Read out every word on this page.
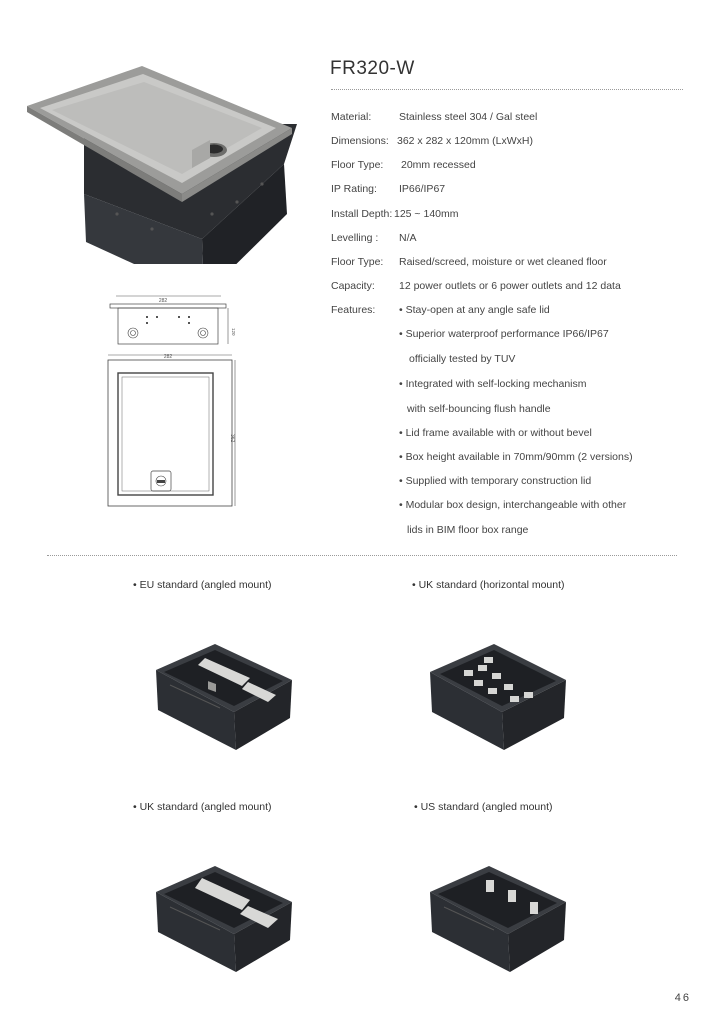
282
120
282
362
FR320-W
Material:	Stainless steel 304 / Gal steel
Dimensions: 362 x 282 x 120mm (LxWxH)
Floor Type: 20mm recessed
IP Rating: IP66/IP67
Install Depth: 125 ~ 140mm
Levelling : N/A
Floor Type: Raised/screed, moisture or wet cleaned floor
Capacity: 12 power outlets or 6 power outlets and 12 data
Features: • Stay-open at any angle safe lid
• Superior waterproof performance IP66/IP67
officially tested by TUV
• Integrated with self-locking mechanism
with self-bouncing flush handle
• Lid frame available with or without bevel
• Box height available in 70mm/90mm (2 versions)
• Supplied with temporary construction lid
• Modular box design, interchangeable with other
lids in BIM floor box range
• EU standard (angled mount)	• UK standard (horizontal mount)
• UK standard (angled mount)	• US standard (angled mount)
46
